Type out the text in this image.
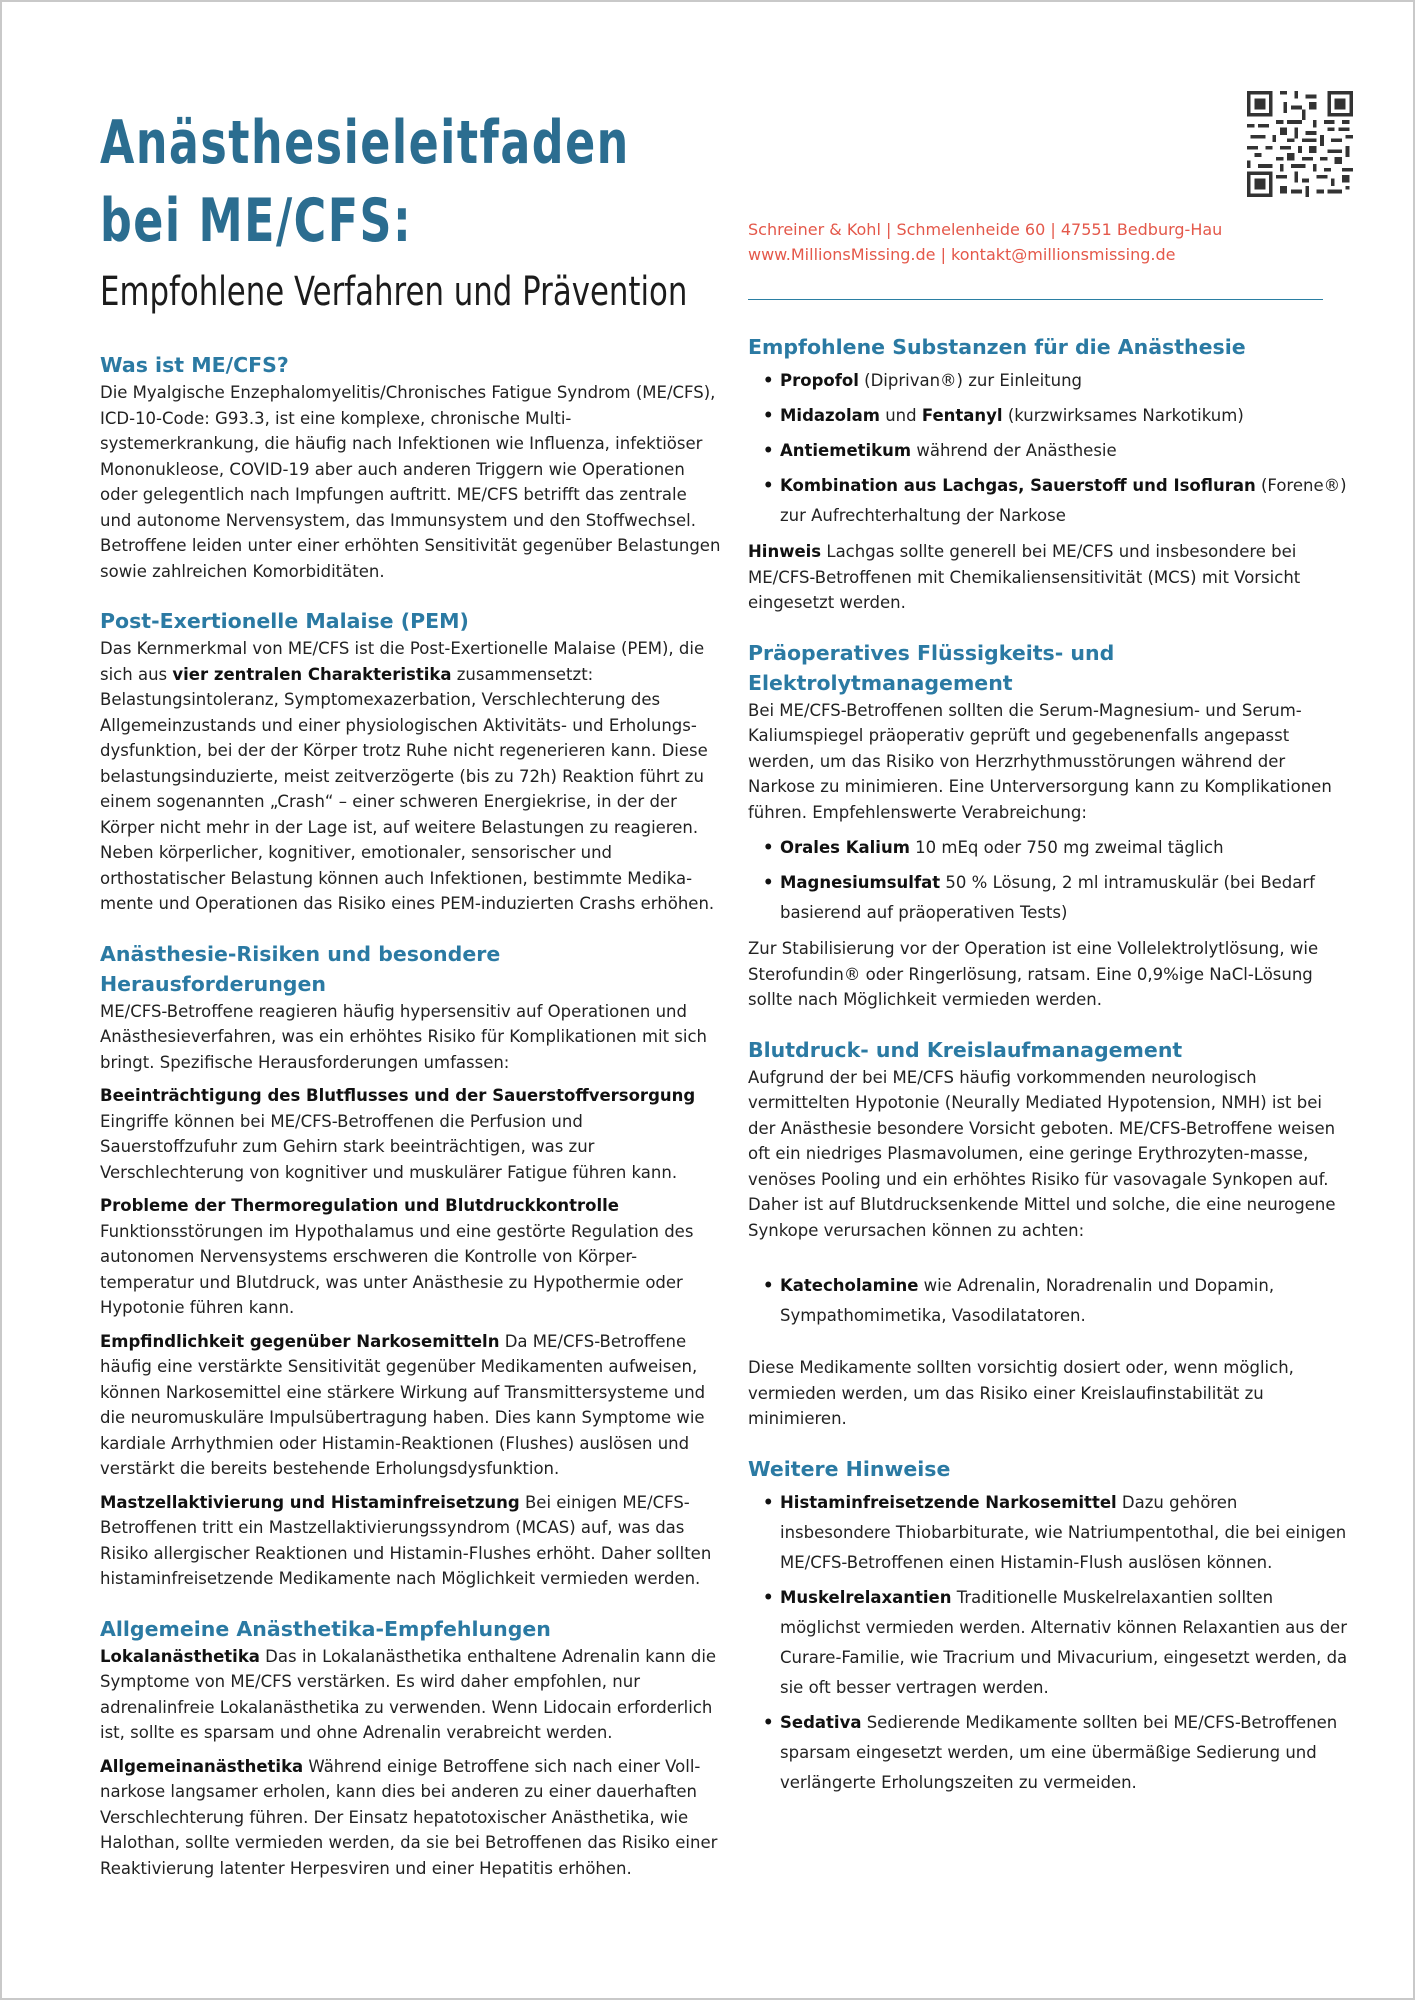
Anästhesieleitfaden
bei ME/CFS:
Empfohlene Verfahren und Prävention
Schreiner & Kohl | Schmelenheide 60 | 47551 Bedburg-Hau
www.MillionsMissing.de | kontakt@millionsmissing.de
Was ist ME/CFS?

Die Myalgische Enzephalomyelitis/Chronisches Fatigue Syndrom (ME/CFS), ICD-10-Code: G93.3, ist eine komplexe, chronische Multi-systemerkrankung, die häufig nach Infektionen wie Influenza, infektiöser Mononukleose, COVID-19 aber auch anderen Triggern wie Operationen oder gelegentlich nach Impfungen auftritt. ME/CFS betrifft das zentrale und autonome Nervensystem, das Immunsystem und den Stoffwechsel. Betroffene leiden unter einer erhöhten Sensitivität gegenüber Belastungen sowie zahlreichen Komorbiditäten.

Post-Exertionelle Malaise (PEM)

Das Kernmerkmal von ME/CFS ist die Post-Exertionelle Malaise (PEM), die sich aus vier zentralen Charakteristika zusammensetzt: Belastungsintoleranz, Symptomexazerbation, Verschlechterung des Allgemeinzustands und einer physiologischen Aktivitäts- und Erholungs-dysfunktion, bei der der Körper trotz Ruhe nicht regenerieren kann. Diese belastungsinduzierte, meist zeitverzögerte (bis zu 72h) Reaktion führt zu einem sogenannten „Crash“ – einer schweren Energiekrise, in der der Körper nicht mehr in der Lage ist, auf weitere Belastungen zu reagieren. Neben körperlicher, kognitiver, emotionaler, sensorischer und orthostatischer Belastung können auch Infektionen, bestimmte Medika-mente und Operationen das Risiko eines PEM-induzierten Crashs erhöhen.

Anästhesie-Risiken und besondere Herausforderungen

ME/CFS-Betroffene reagieren häufig hypersensitiv auf Operationen und Anästhesieverfahren, was ein erhöhtes Risiko für Komplikationen mit sich bringt. Spezifische Herausforderungen umfassen:

Beeinträchtigung des Blutflusses und der Sauerstoffversorgung
Eingriffe können bei ME/CFS-Betroffenen die Perfusion und Sauerstoffzufuhr zum Gehirn stark beeinträchtigen, was zur Verschlechterung von kognitiver und muskulärer Fatigue führen kann.

Probleme der Thermoregulation und Blutdruckkontrolle
Funktionsstörungen im Hypothalamus und eine gestörte Regulation des autonomen Nervensystems erschweren die Kontrolle von Körper-temperatur und Blutdruck, was unter Anästhesie zu Hypothermie oder Hypotonie führen kann.

Empfindlichkeit gegenüber Narkosemitteln Da ME/CFS-Betroffene häufig eine verstärkte Sensitivität gegenüber Medikamenten aufweisen, können Narkosemittel eine stärkere Wirkung auf Transmittersysteme und die neuromuskuläre Impulsübertragung haben. Dies kann Symptome wie kardiale Arrhythmien oder Histamin-Reaktionen (Flushes) auslösen und verstärkt die bereits bestehende Erholungsdysfunktion.

Mastzellaktivierung und Histaminfreisetzung Bei einigen ME/CFS-Betroffenen tritt ein Mastzellaktivierungssyndrom (MCAS) auf, was das Risiko allergischer Reaktionen und Histamin-Flushes erhöht. Daher sollten histaminfreisetzende Medikamente nach Möglichkeit vermieden werden.

Allgemeine Anästhetika-Empfehlungen

Lokalanästhetika Das in Lokalanästhetika enthaltene Adrenalin kann die Symptome von ME/CFS verstärken. Es wird daher empfohlen, nur adrenalinfreie Lokalanästhetika zu verwenden. Wenn Lidocain erforderlich ist, sollte es sparsam und ohne Adrenalin verabreicht werden.

Allgemeinanästhetika Während einige Betroffene sich nach einer Voll-narkose langsamer erholen, kann dies bei anderen zu einer dauerhaften Verschlechterung führen. Der Einsatz hepatotoxischer Anästhetika, wie Halothan, sollte vermieden werden, da sie bei Betroffenen das Risiko einer Reaktivierung latenter Herpesviren und einer Hepatitis erhöhen.

Empfohlene Substanzen für die Anästhesie
• Propofol (Diprivan®) zur Einleitung
• Midazolam und Fentanyl (kurzwirksames Narkotikum)
• Antiemetikum während der Anästhesie
• Kombination aus Lachgas, Sauerstoff und Isofluran (Forene®) zur Aufrechterhaltung der Narkose

Hinweis Lachgas sollte generell bei ME/CFS und insbesondere bei ME/CFS-Betroffenen mit Chemikaliensensitivität (MCS) mit Vorsicht eingesetzt werden.

Präoperatives Flüssigkeits- und Elektrolytmanagement

Bei ME/CFS-Betroffenen sollten die Serum-Magnesium- und Serum-Kaliumspiegel präoperativ geprüft und gegebenenfalls angepasst werden, um das Risiko von Herzrhythmusstörungen während der Narkose zu minimieren. Eine Unterversorgung kann zu Komplikationen führen. Empfehlenswerte Verabreichung:

• Orales Kalium 10 mEq oder 750 mg zweimal täglich
• Magnesiumsulfat 50 % Lösung, 2 ml intramuskulär (bei Bedarf basierend auf präoperativen Tests)

Zur Stabilisierung vor der Operation ist eine Vollelektrolytlösung, wie Sterofundin® oder Ringerlösung, ratsam. Eine 0,9%ige NaCl-Lösung sollte nach Möglichkeit vermieden werden.

Blutdruck- und Kreislaufmanagement

Aufgrund der bei ME/CFS häufig vorkommenden neurologisch vermittelten Hypotonie (Neurally Mediated Hypotension, NMH) ist bei der Anästhesie besondere Vorsicht geboten. ME/CFS-Betroffene weisen oft ein niedriges Plasmavolumen, eine geringe Erythrozyten-masse, venöses Pooling und ein erhöhtes Risiko für vasovagale Synkopen auf. Daher ist auf Blutdrucksenkende Mittel und solche, die eine neurogene Synkope verursachen können zu achten:

• Katecholamine wie Adrenalin, Noradrenalin und Dopamin, Sympathomimetika, Vasodilatatoren.

Diese Medikamente sollten vorsichtig dosiert oder, wenn möglich, vermieden werden, um das Risiko einer Kreislaufinstabilität zu minimieren.

Weitere Hinweise
• Histaminfreisetzende Narkosemittel Dazu gehören insbesondere Thiobarbiturate, wie Natriumpentothal, die bei einigen ME/CFS-Betroffenen einen Histamin-Flush auslösen können.
• Muskelrelaxantien Traditionelle Muskelrelaxantien sollten möglichst vermieden werden. Alternativ können Relaxantien aus der Curare-Familie, wie Tracrium und Mivacurium, eingesetzt werden, da sie oft besser vertragen werden.
• Sedativa Sedierende Medikamente sollten bei ME/CFS-Betroffenen sparsam eingesetzt werden, um eine übermäßige Sedierung und verlängerte Erholungszeiten zu vermeiden.
